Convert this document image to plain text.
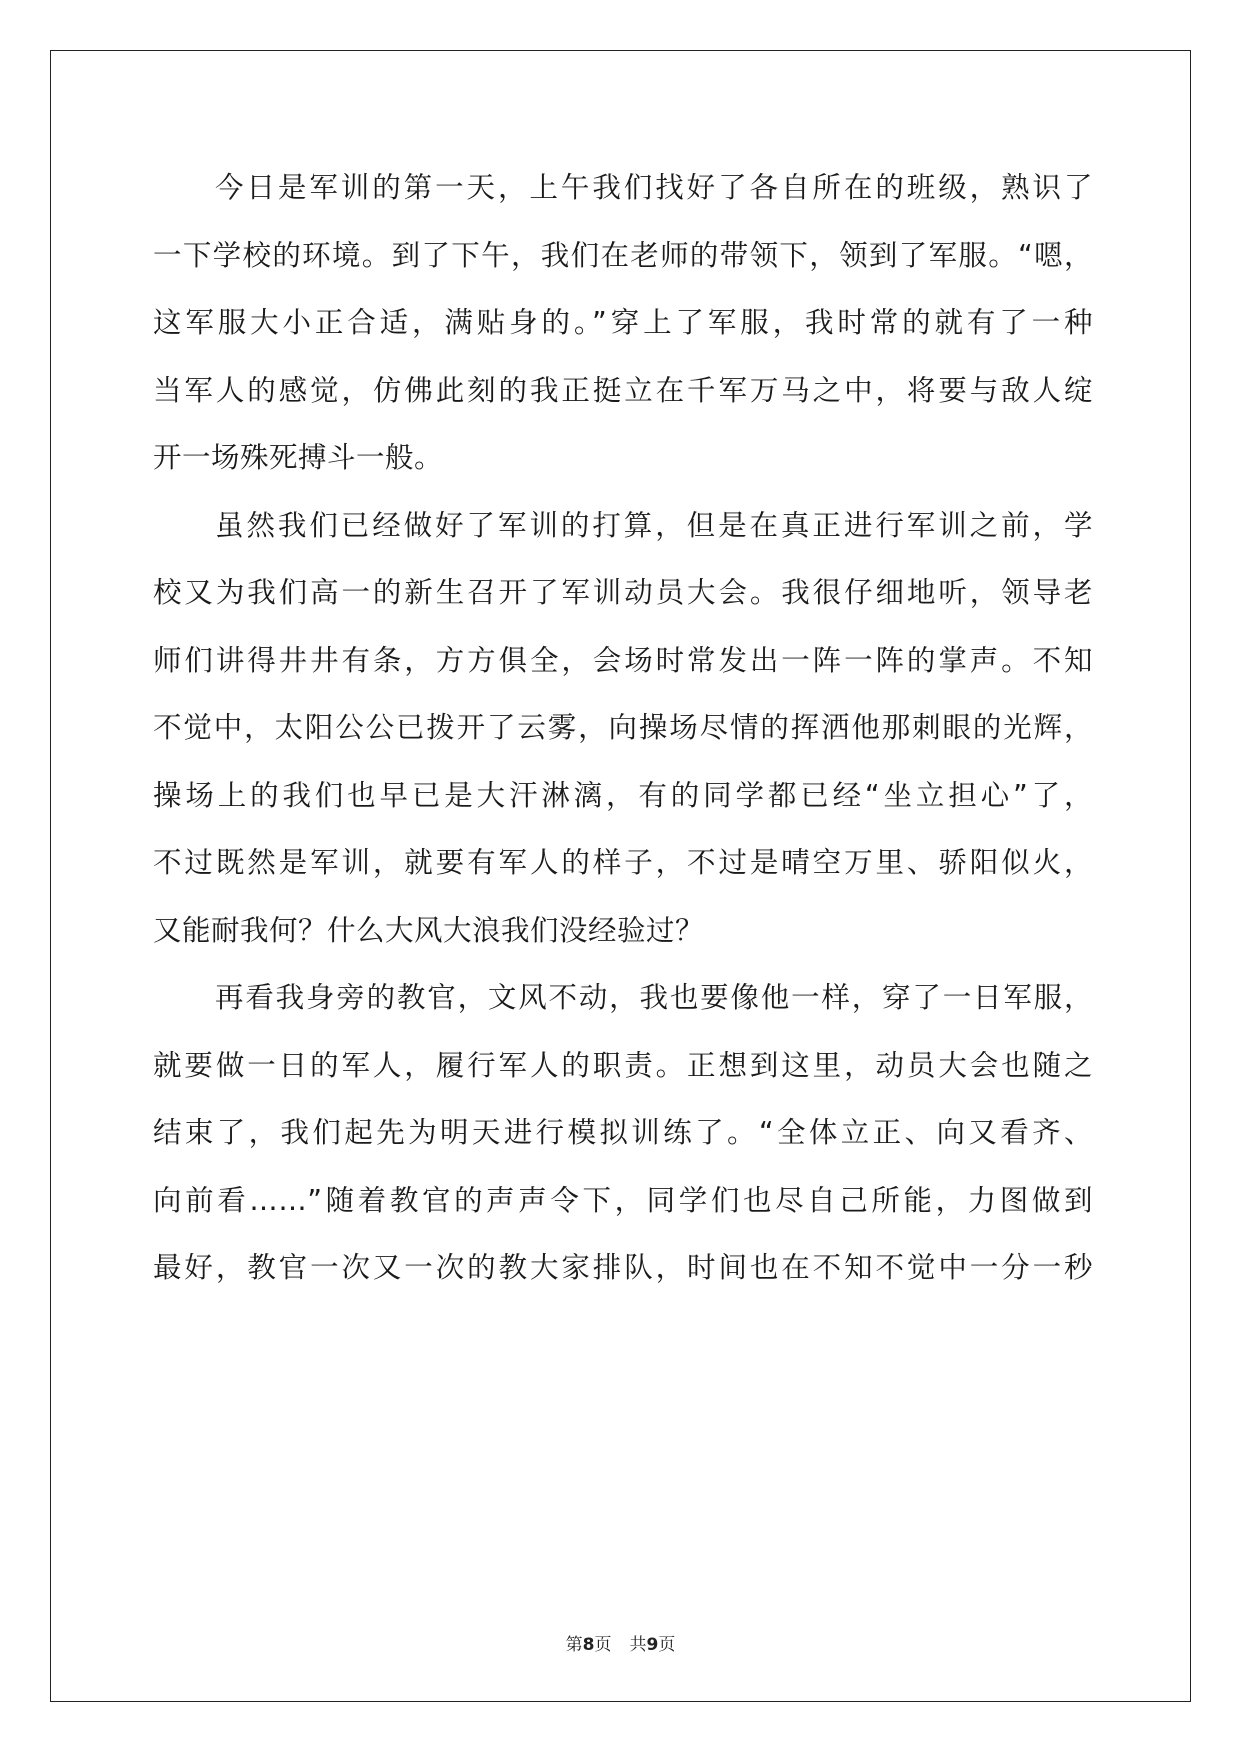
今日是军训的第一天，上午我们找好了各自所在的班级，熟识了
一下学校的环境。到了下午，我们在老师的带领下，领到了军服。“嗯，
这军服大小正合适，满贴身的。”穿上了军服，我时常的就有了一种
当军人的感觉，仿佛此刻的我正挺立在千军万马之中，将要与敌人绽
开一场殊死搏斗一般。
虽然我们已经做好了军训的打算，但是在真正进行军训之前，学
校又为我们高一的新生召开了军训动员大会。我很仔细地听，领导老
师们讲得井井有条，方方俱全，会场时常发出一阵一阵的掌声。不知
不觉中，太阳公公已拨开了云雾，向操场尽情的挥洒他那刺眼的光辉，
操场上的我们也早已是大汗淋漓，有的同学都已经“坐立担心”了，
不过既然是军训，就要有军人的样子，不过是晴空万里、骄阳似火，
又能耐我何？什么大风大浪我们没经验过？
再看我身旁的教官，文风不动，我也要像他一样，穿了一日军服，
就要做一日的军人，履行军人的职责。正想到这里，动员大会也随之
结束了，我们起先为明天进行模拟训练了。“全体立正、向又看齐、
向前看……”随着教官的声声令下，同学们也尽自己所能，力图做到
最好，教官一次又一次的教大家排队，时间也在不知不觉中一分一秒
第8页 共9页
